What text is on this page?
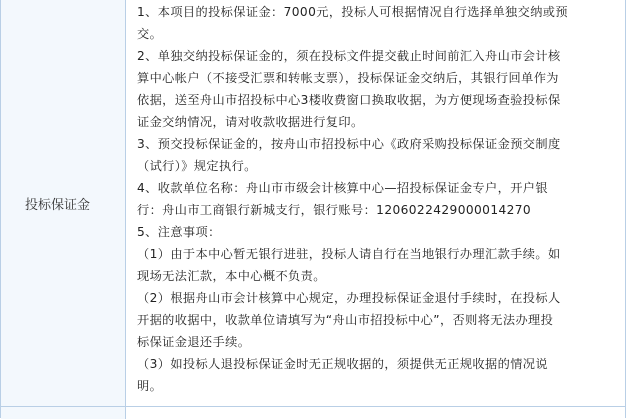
投标保证金
1、本项目的投标保证金：7000元，投标人可根据情况自行选择单独交纳或预
交。
2、单独交纳投标保证金的，须在投标文件提交截止时间前汇入舟山市会计核
算中心帐户（不接受汇票和转帐支票），投标保证金交纳后，其银行回单作为
依据，送至舟山市招投标中心3楼收费窗口换取收据，为方便现场查验投标保
证金交纳情况，请对收款收据进行复印。
3、预交投标保证金的，按舟山市招投标中心《政府采购投标保证金预交制度
（试行）》规定执行。
4、收款单位名称：舟山市市级会计核算中心—招投标保证金专户，开户银
行：舟山市工商银行新城支行，银行账号：1206022429000014270
5、注意事项：
（1）由于本中心暂无银行进驻，投标人请自行在当地银行办理汇款手续。如
现场无法汇款，本中心概不负责。
（2）根据舟山市会计核算中心规定，办理投标保证金退付手续时，在投标人
开据的收据中，收款单位请填写为“舟山市招投标中心”，否则将无法办理投
标保证金退还手续。
（3）如投标人退投标保证金时无正规收据的，须提供无正规收据的情况说
明。
